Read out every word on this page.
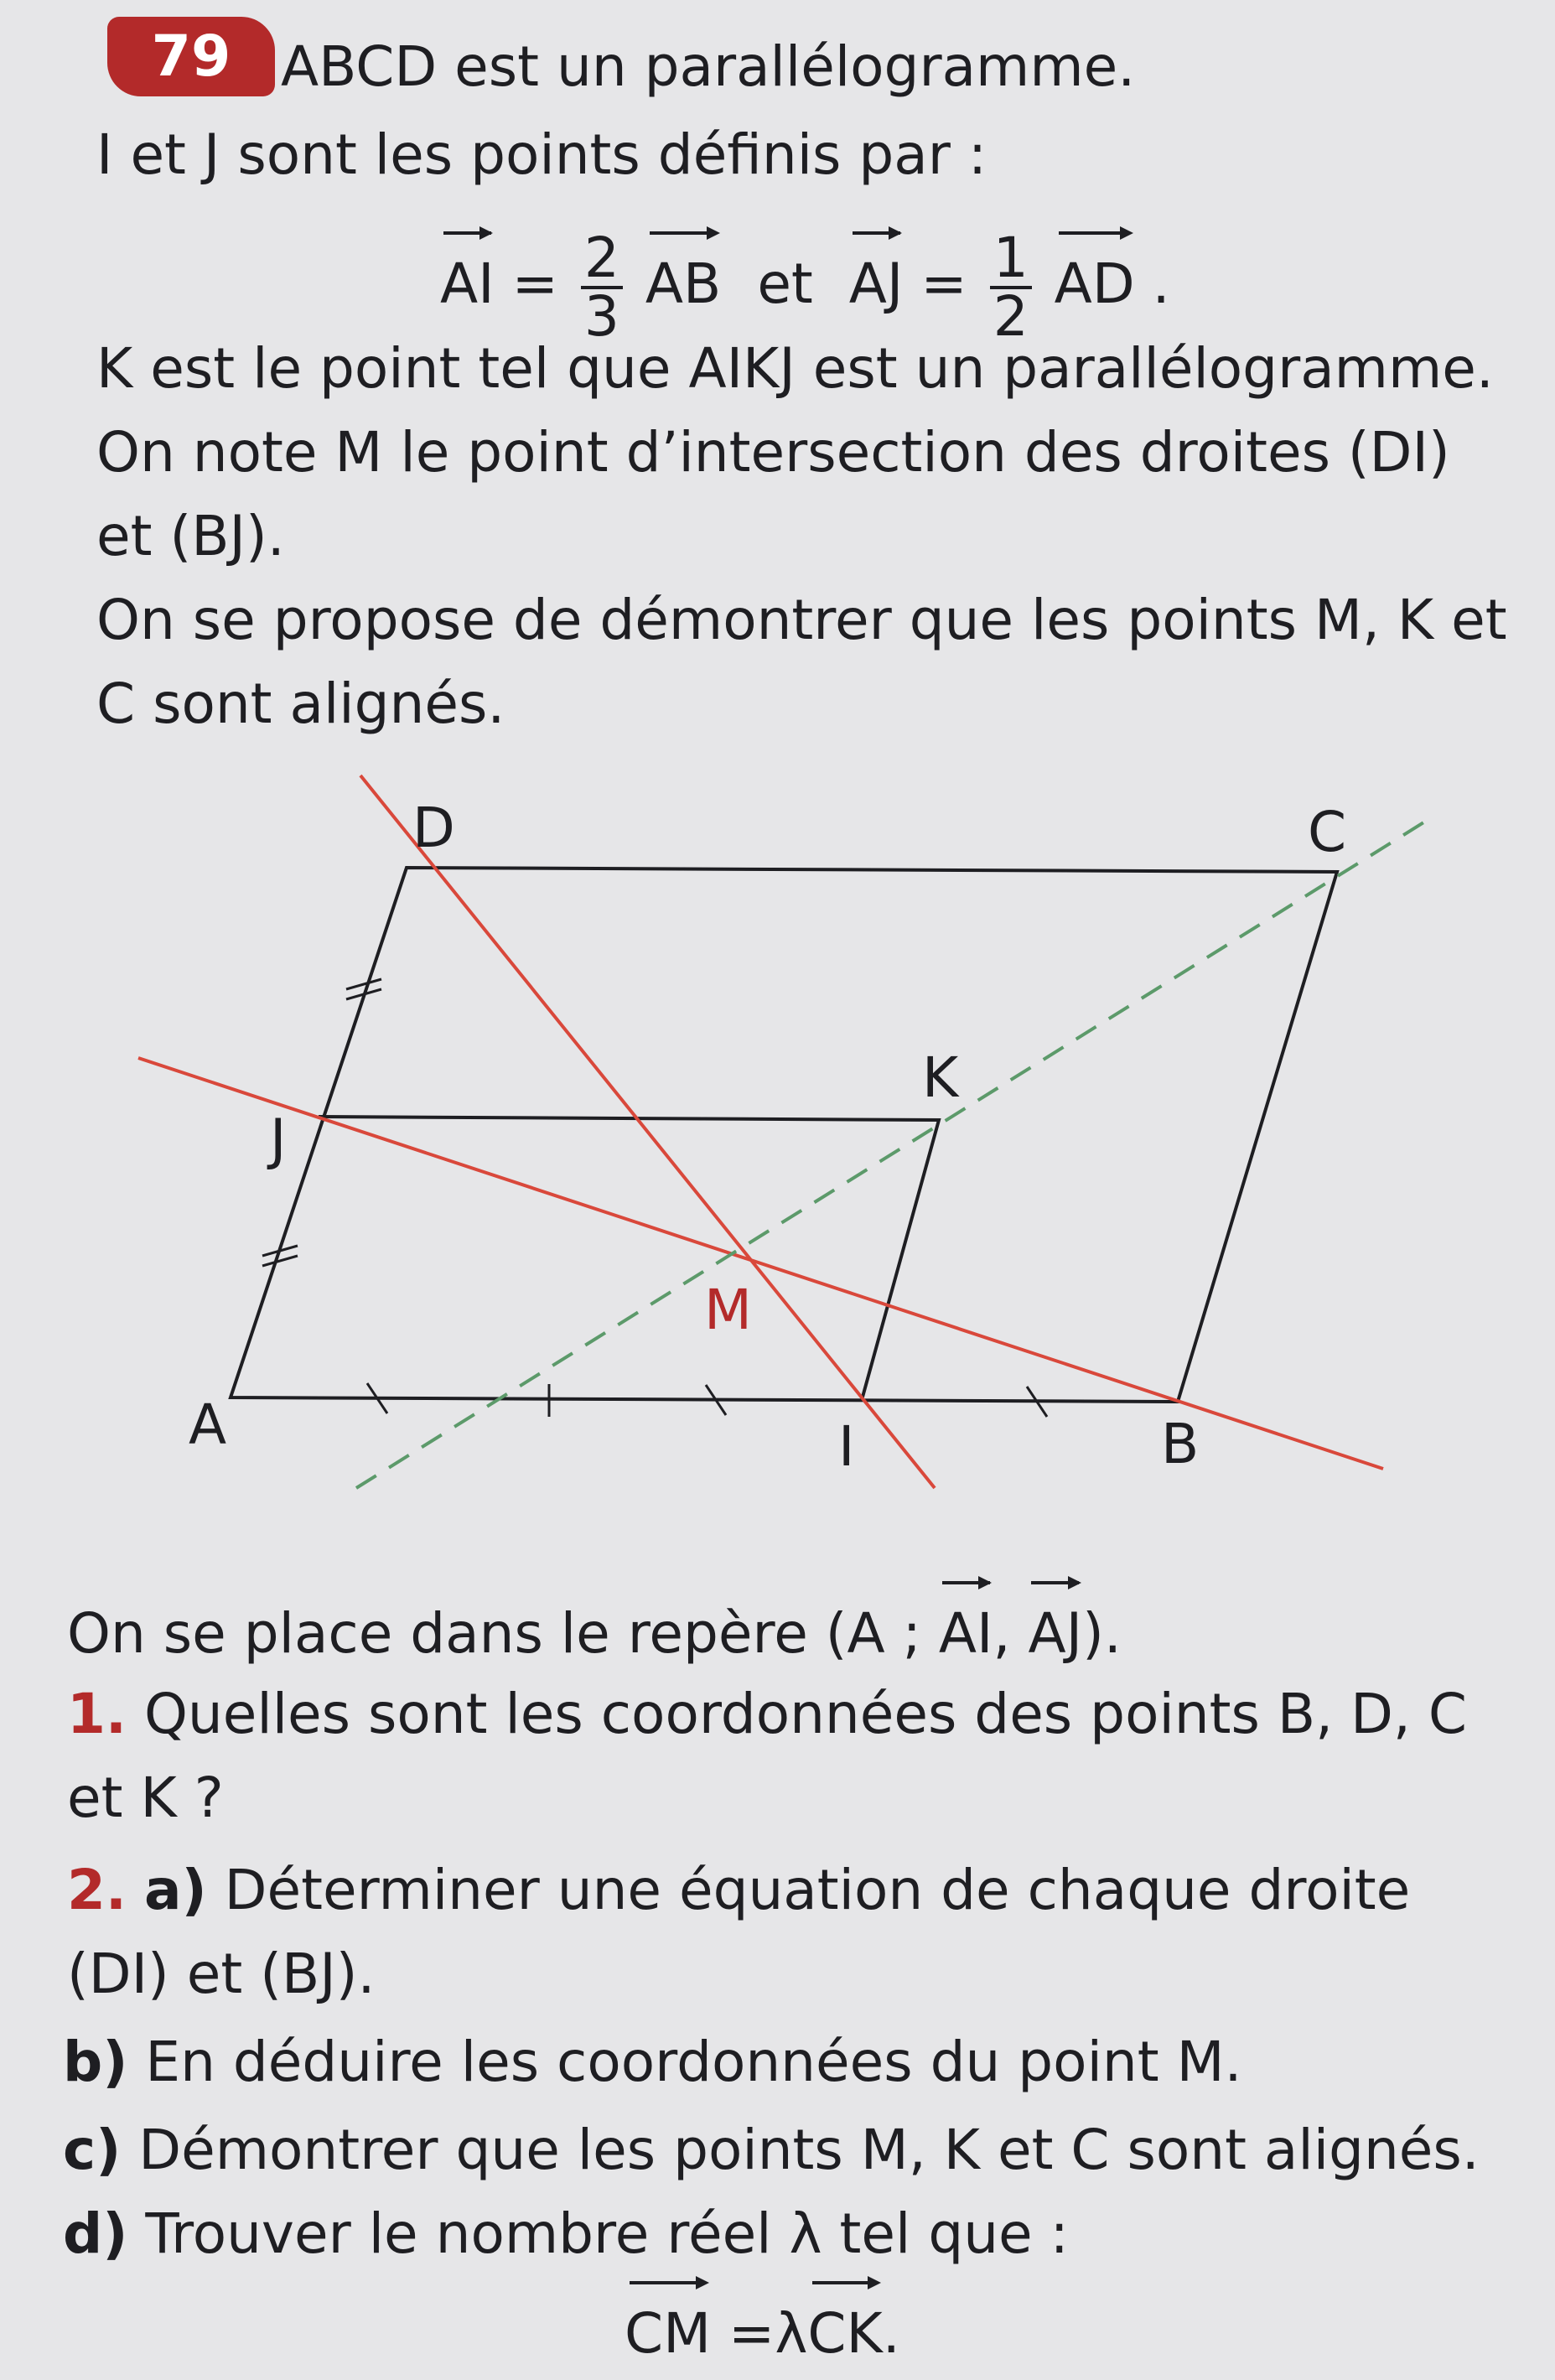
79 ABCD est un parallélogramme.
I et J sont les points définis par :
AI = $\frac{2}{3}$ AB et AJ = $\frac{1}{2}$ AD .
K est le point tel que AIKJ est un parallélogramme.
On note M le point d’intersection des droites (DI)
et (BJ).
On se propose de démontrer que les points M, K et
C sont alignés.
A	B
C
D
I
J
K
M
On se place dans le repère (A ; AI, AJ).
1. Quelles sont les coordonnées des points B, D, C
et K ?
2. a) Déterminer une équation de chaque droite
(DI) et (BJ).
b) En déduire les coordonnées du point M.
c) Démontrer que les points M, K et C sont alignés.
d) Trouver le nombre réel λ tel que :
CM =λCK.
